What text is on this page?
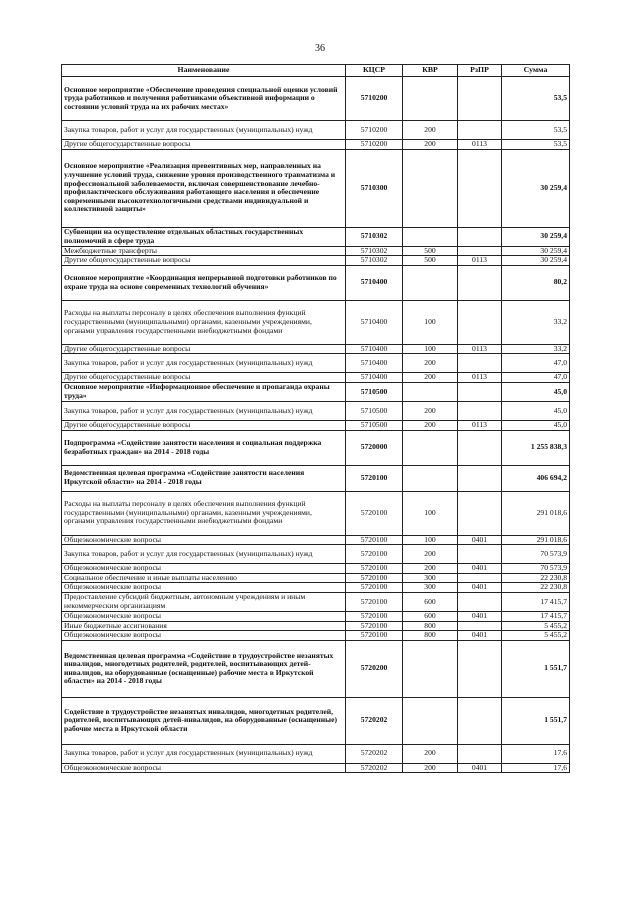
36
Наименование	КЦСР	КВР	РзПР	Сумма
Основное мероприятие «Обеспечение проведения специальной оценки условий труда работников и получения работниками объективной информации о состоянии условий труда на их рабочих местах»	5710200			53,5
Закупка товаров, работ и услуг для государственных (муниципальных) нужд	5710200	200		53,5
Другие общегосударственные вопросы	5710200	200	0113	53,5
Основное мероприятие «Реализация превентивных мер, направленных на улучшение условий труда, снижение уровня производственного травматизма и профессиональной заболеваемости, включая совершенствование лечебно-профилактического обслуживания работающего населения и обеспечение современными высокотехнологичными средствами индивидуальной и коллективной защиты»	5710300			30 259,4
Субвенции на осуществление отдельных областных государственных полномочий в сфере труда	5710302			30 259,4
Межбюджетные трансферты	5710302	500		30 259,4
Другие общегосударственные вопросы	5710302	500	0113	30 259,4
Основное мероприятие «Координация непрерывной подготовки работников по охране труда на основе современных технологий обучения»	5710400			80,2
Расходы на выплаты персоналу в целях обеспечения выполнения функций государственными (муниципальными) органами, казенными учреждениями, органами управления государственными внебюджетными фондами	5710400	100		33,2
Другие общегосударственные вопросы	5710400	100	0113	33,2
Закупка товаров, работ и услуг для государственных (муниципальных) нужд	5710400	200		47,0
Другие общегосударственные вопросы	5710400	200	0113	47,0
Основное мероприятие «Информационное обеспечение и пропаганда охраны труда»	5710500			45,0
Закупка товаров, работ и услуг для государственных (муниципальных) нужд	5710500	200		45,0
Другие общегосударственные вопросы	5710500	200	0113	45,0
Подпрограмма «Содействие занятости населения и социальная поддержка безработных граждан» на 2014 - 2018 годы	5720000			1 255 838,3
Ведомственная целевая программа «Содействие занятости населения Иркутской области» на 2014 - 2018 годы	5720100			406 694,2
Расходы на выплаты персоналу в целях обеспечения выполнения функций государственными (муниципальными) органами, казенными учреждениями, органами управления государственными внебюджетными фондами	5720100	100		291 018,6
Общеэкономические вопросы	5720100	100	0401	291 018,6
Закупка товаров, работ и услуг для государственных (муниципальных) нужд	5720100	200		70 573,9
Общеэкономические вопросы	5720100	200	0401	70 573,9
Социальное обеспечение и иные выплаты населению	5720100	300		22 230,8
Общеэкономические вопросы	5720100	300	0401	22 230,8
Предоставление субсидий бюджетным, автономным учреждениям и иным некоммерческим организациям	5720100	600		17 415,7
Общеэкономические вопросы	5720100	600	0401	17 415,7
Иные бюджетные ассигнования	5720100	800		5 455,2
Общеэкономические вопросы	5720100	800	0401	5 455,2
Ведомственная целевая программа «Содействие в трудоустройстве незанятых инвалидов, многодетных родителей, родителей, воспитывающих детей-инвалидов, на оборудованные (оснащенные) рабочие места в Иркутской области» на 2014 - 2018 годы	5720200			1 551,7
Содействие в трудоустройстве незанятых инвалидов, многодетных родителей, родителей, воспитывающих детей-инвалидов, на оборудованные (оснащенные) рабочие места в Иркутской области	5720202			1 551,7
Закупка товаров, работ и услуг для государственных (муниципальных) нужд	5720202	200		17,6
Общеэкономические вопросы	5720202	200	0401	17,6
